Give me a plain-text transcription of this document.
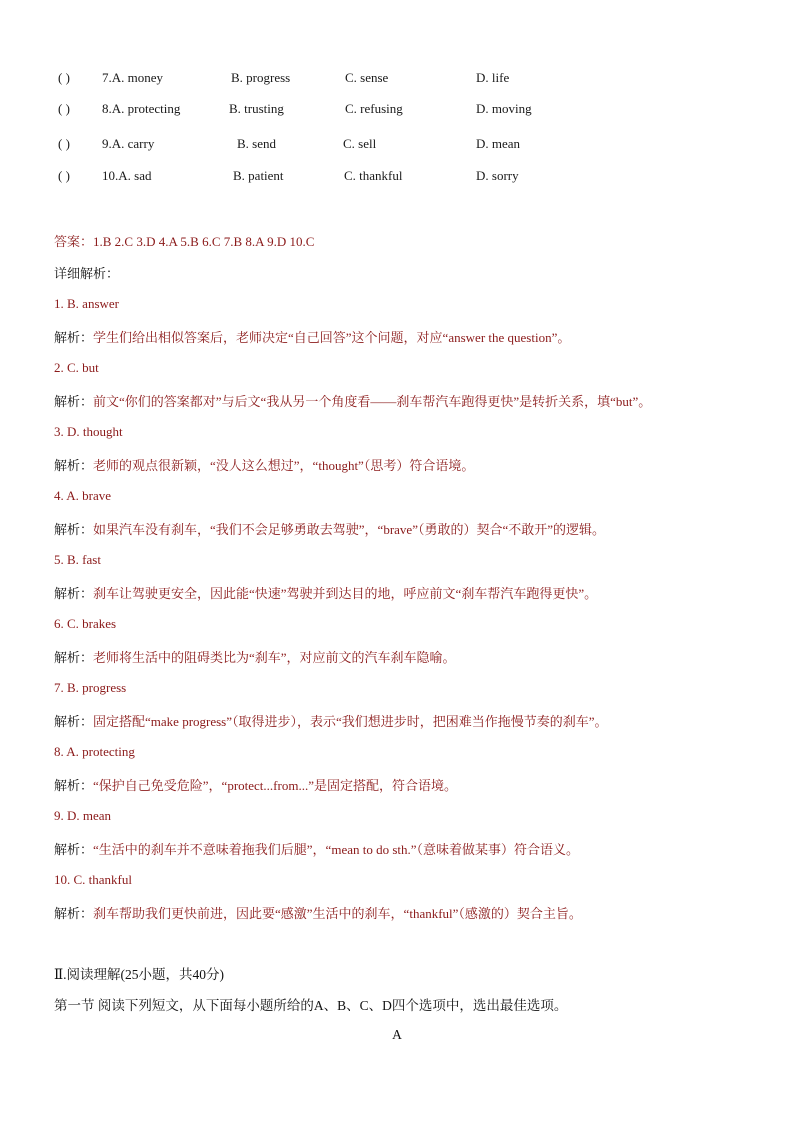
( ) 7.A. money	B. progress	C. sense	D. life
( ) 8.A. protecting	B. trusting	C. refusing	D. moving
( ) 9.A. carry	B. send	C. sell	D. mean
( ) 10.A. sad	B. patient	C. thankful	D. sorry
答案：1.B 2.C 3.D 4.A 5.B 6.C 7.B 8.A 9.D 10.C
详细解析：
1. B. answer
解析：学生们给出相似答案后，老师决定“自己回答”这个问题，对应“answer the question”。
2. C. but
解析：前文“你们的答案都对”与后文“我从另一个角度看——刹车帮汽车跑得更快”是转折关系，填“but”。
3. D. thought
解析：老师的观点很新颖，“没人这么想过”，“thought”（思考）符合语境。
4. A. brave
解析：如果汽车没有刹车，“我们不会足够勇敢去驾驶”，“brave”（勇敢的）契合“不敢开”的逻辑。
5. B. fast
解析：刹车让驾驶更安全，因此能“快速”驾驶并到达目的地，呼应前文“刹车帮汽车跑得更快”。
6. C. brakes
解析：老师将生活中的阻碍类比为“刹车”，对应前文的汽车刹车隐喻。
7. B. progress
解析：固定搭配“make progress”（取得进步），表示“我们想进步时，把困难当作拖慢节奏的刹车”。
8. A. protecting
解析：“保护自己免受危险”，“protect...from...”是固定搭配，符合语境。
9. D. mean
解析：“生活中的刹车并不意味着拖我们后腿”，“mean to do sth.”（意味着做某事）符合语义。
10. C. thankful
解析：刹车帮助我们更快前进，因此要“感激”生活中的刹车，“thankful”（感激的）契合主旨。
Ⅱ.阅读理解(25小题，共40分)
第一节 阅读下列短文，从下面每小题所给的A、B、C、D四个选项中，选出最佳选项。
A
